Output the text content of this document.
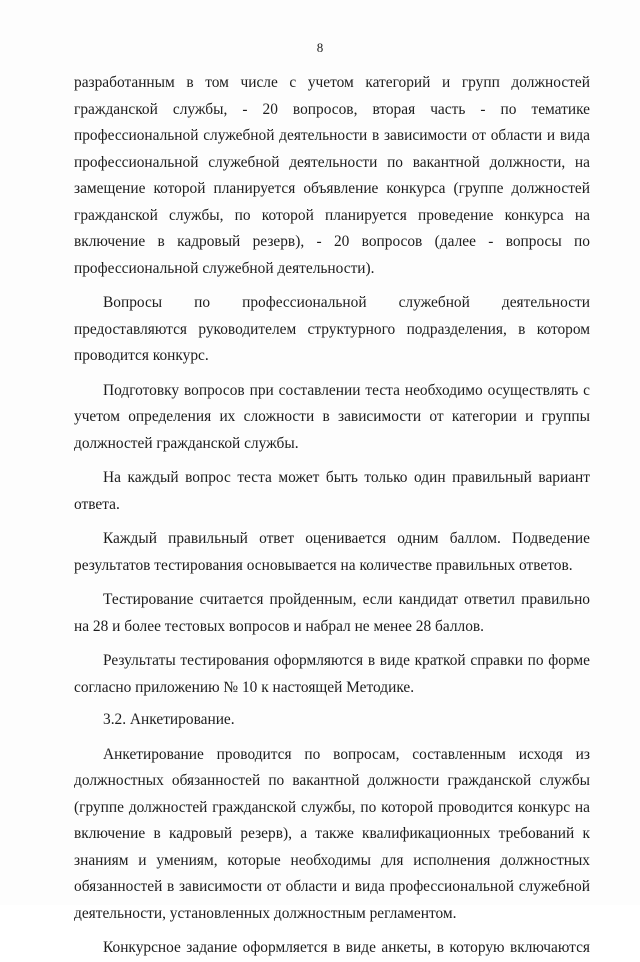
8

разработанным в том числе с учетом категорий и групп должностей гражданской службы, - 20 вопросов, вторая часть - по тематике профессиональной служебной деятельности в зависимости от области и вида профессиональной служебной деятельности по вакантной должности, на замещение которой планируется объявление конкурса (группе должностей гражданской службы, по которой планируется проведение конкурса на включение в кадровый резерв), - 20 вопросов (далее - вопросы по профессиональной служебной деятельности).

Вопросы по профессиональной служебной деятельности предоставляются руководителем структурного подразделения, в котором проводится конкурс.

Подготовку вопросов при составлении теста необходимо осуществлять с учетом определения их сложности в зависимости от категории и группы должностей гражданской службы.

На каждый вопрос теста может быть только один правильный вариант ответа.

Каждый правильный ответ оценивается одним баллом. Подведение результатов тестирования основывается на количестве правильных ответов.

Тестирование считается пройденным, если кандидат ответил правильно на 28 и более тестовых вопросов и набрал не менее 28 баллов.

Результаты тестирования оформляются в виде краткой справки по форме согласно приложению № 10 к настоящей Методике.

3.2. Анкетирование.

Анкетирование проводится по вопросам, составленным исходя из должностных обязанностей по вакантной должности гражданской службы (группе должностей гражданской службы, по которой проводится конкурс на включение в кадровый резерв), а также квалификационных требований к знаниям и умениям, которые необходимы для исполнения должностных обязанностей в зависимости от области и вида профессиональной служебной деятельности, установленных должностным регламентом.

Конкурсное задание оформляется в виде анкеты, в которую включаются
